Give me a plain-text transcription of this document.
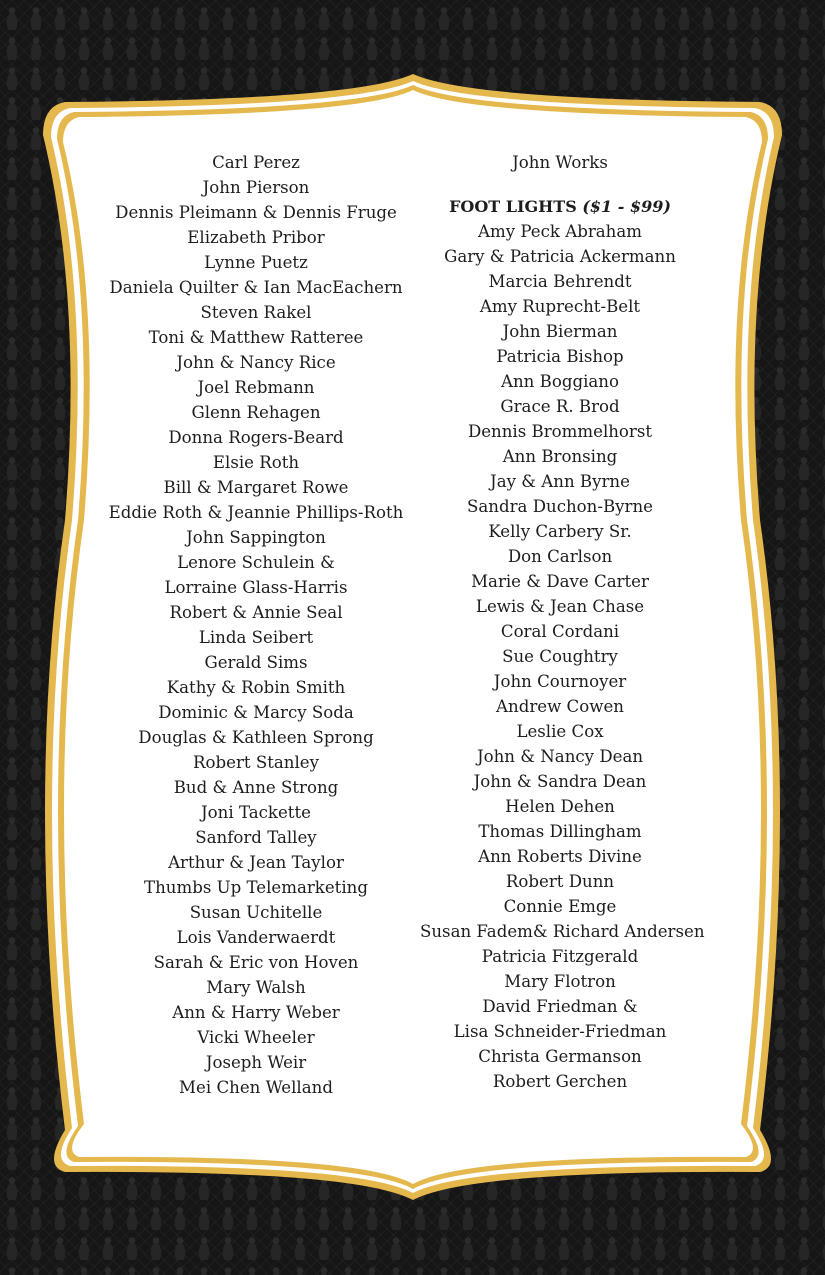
Carl Perez
John Pierson
Dennis Pleimann & Dennis Fruge
Elizabeth Pribor
Lynne Puetz
Daniela Quilter & Ian MacEachern
Steven Rakel
Toni & Matthew Ratteree
John & Nancy Rice
Joel Rebmann
Glenn Rehagen
Donna Rogers-Beard
Elsie Roth
Bill & Margaret Rowe
Eddie Roth & Jeannie Phillips-Roth
John Sappington
Lenore Schulein &
Lorraine Glass-Harris
Robert & Annie Seal
Linda Seibert
Gerald Sims
Kathy & Robin Smith
Dominic & Marcy Soda
Douglas & Kathleen Sprong
Robert Stanley
Bud & Anne Strong
Joni Tackette
Sanford Talley
Arthur & Jean Taylor
Thumbs Up Telemarketing
Susan Uchitelle
Lois Vanderwaerdt
Sarah & Eric von Hoven
Mary Walsh
Ann & Harry Weber
Vicki Wheeler
Joseph Weir
Mei Chen Welland
John Works
FOOT LIGHTS ($1 - $99)
Amy Peck Abraham
Gary & Patricia Ackermann
Marcia Behrendt
Amy Ruprecht-Belt
John Bierman
Patricia Bishop
Ann Boggiano
Grace R. Brod
Dennis Brommelhorst
Ann Bronsing
Jay & Ann Byrne
Sandra Duchon-Byrne
Kelly Carbery Sr.
Don Carlson
Marie & Dave Carter
Lewis & Jean Chase
Coral Cordani
Sue Coughtry
John Cournoyer
Andrew Cowen
Leslie Cox
John & Nancy Dean
John & Sandra Dean
Helen Dehen
Thomas Dillingham
Ann Roberts Divine
Robert Dunn
Connie Emge
Susan Fadem& Richard Andersen
Patricia Fitzgerald
Mary Flotron
David Friedman &
Lisa Schneider-Friedman
Christa Germanson
Robert Gerchen
